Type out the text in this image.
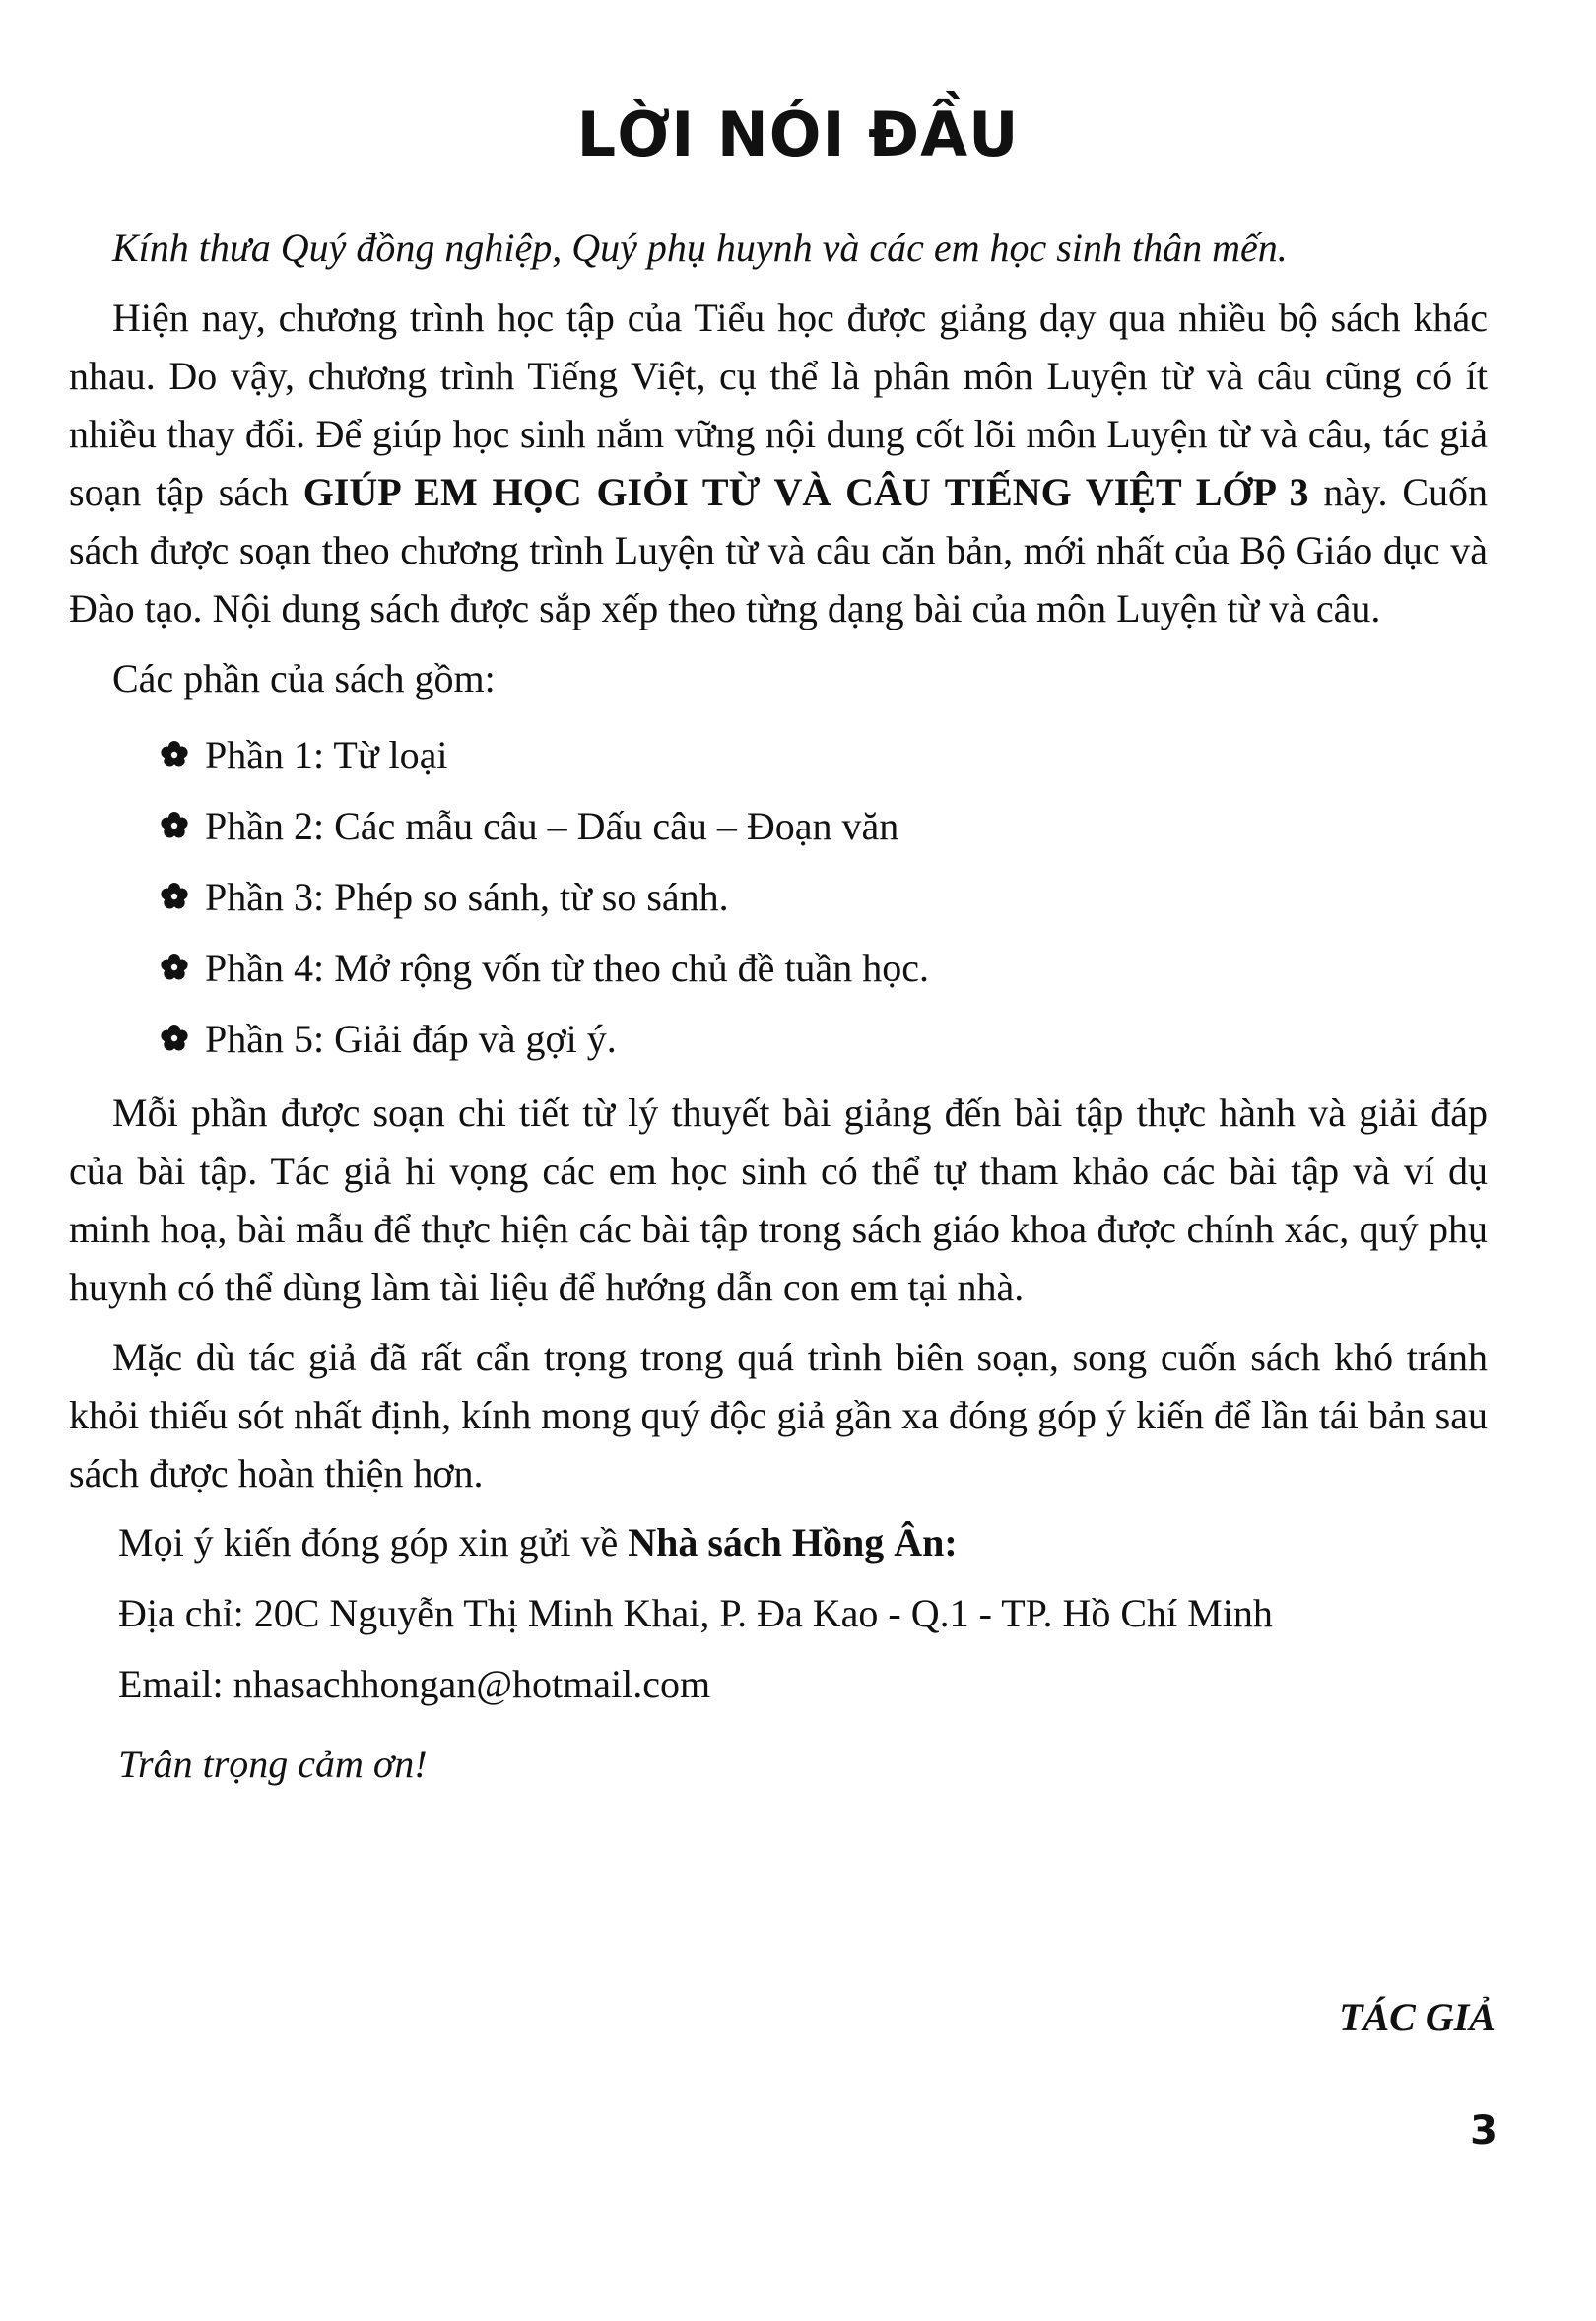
LỜI NÓI ĐẦU

Kính thưa Quý đồng nghiệp, Quý phụ huynh và các em học sinh thân mến.

Hiện nay, chương trình học tập của Tiểu học được giảng dạy qua nhiều bộ sách khác nhau. Do vậy, chương trình Tiếng Việt, cụ thể là phân môn Luyện từ và câu cũng có ít nhiều thay đổi. Để giúp học sinh nắm vững nội dung cốt lõi môn Luyện từ và câu, tác giả soạn tập sách GIÚP EM HỌC GIỎI TỪ VÀ CÂU TIẾNG VIỆT LỚP 3 này. Cuốn sách được soạn theo chương trình Luyện từ và câu căn bản, mới nhất của Bộ Giáo dục và Đào tạo. Nội dung sách được sắp xếp theo từng dạng bài của môn Luyện từ và câu.

Các phần của sách gồm:

Phần 1: Từ loại
Phần 2: Các mẫu câu – Dấu câu – Đoạn văn
Phần 3: Phép so sánh, từ so sánh.
Phần 4: Mở rộng vốn từ theo chủ đề tuần học.
Phần 5: Giải đáp và gợi ý.

Mỗi phần được soạn chi tiết từ lý thuyết bài giảng đến bài tập thực hành và giải đáp của bài tập. Tác giả hi vọng các em học sinh có thể tự tham khảo các bài tập và ví dụ minh hoạ, bài mẫu để thực hiện các bài tập trong sách giáo khoa được chính xác, quý phụ huynh có thể dùng làm tài liệu để hướng dẫn con em tại nhà.

Mặc dù tác giả đã rất cẩn trọng trong quá trình biên soạn, song cuốn sách khó tránh khỏi thiếu sót nhất định, kính mong quý độc giả gần xa đóng góp ý kiến để lần tái bản sau sách được hoàn thiện hơn.

Mọi ý kiến đóng góp xin gửi về Nhà sách Hồng Ân:
Địa chỉ: 20C Nguyễn Thị Minh Khai, P. Đa Kao - Q.1 - TP. Hồ Chí Minh
Email: nhasachhongan@hotmail.com

Trân trọng cảm ơn!

TÁC GIẢ
3
